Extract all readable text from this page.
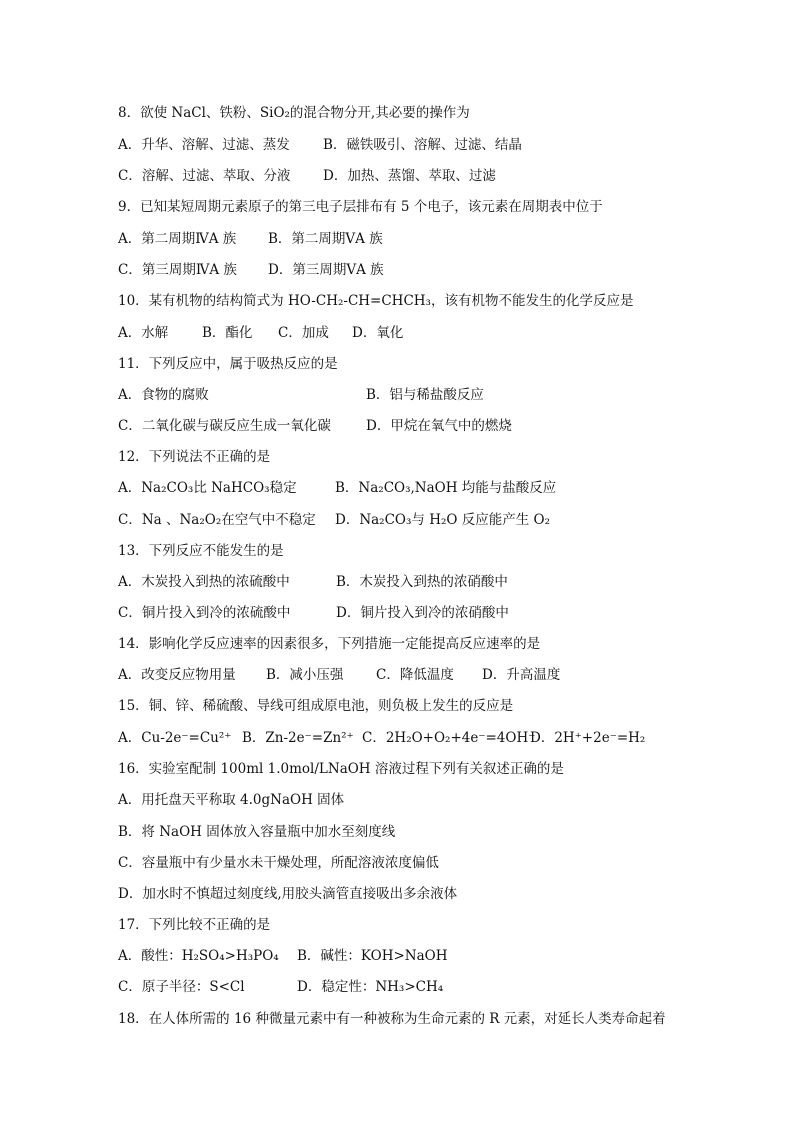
8．欲使 NaCl、铁粉、SiO₂的混合物分开,其必要的操作为
A．升华、溶解、过滤、蒸发 B．磁铁吸引、溶解、过滤、结晶
C．溶解、过滤、萃取、分液 D．加热、蒸馏、萃取、过滤
9．已知某短周期元素原子的第三电子层排布有 5 个电子，该元素在周期表中位于
A．第二周期ⅣA 族 B．第二周期ⅤA 族
C．第三周期ⅣA 族 D．第三周期ⅤA 族
10．某有机物的结构简式为 HO-CH₂-CH=CHCH₃，该有机物不能发生的化学反应是
A．水解	B．酯化 C．加成 D．氧化
11．下列反应中，属于吸热反应的是
A．食物的腐败	B．铝与稀盐酸反应
C．二氧化碳与碳反应生成一氧化碳	D．甲烷在氧气中的燃烧
12．下列说法不正确的是
A．Na₂CO₃比 NaHCO₃稳定	B．Na₂CO₃,NaOH 均能与盐酸反应
C．Na 、Na₂O₂在空气中不稳定 D．Na₂CO₃与 H₂O 反应能产生 O₂
13．下列反应不能发生的是
A．木炭投入到热的浓硫酸中	B．木炭投入到热的浓硝酸中
C．铜片投入到冷的浓硫酸中	D．铜片投入到冷的浓硝酸中
14．影响化学反应速率的因素很多，下列措施一定能提高反应速率的是
A．改变反应物用量 B．减小压强 C．降低温度 D．升高温度
15．铜、锌、稀硫酸、导线可组成原电池，则负极上发生的反应是
A．Cu-2e⁻=Cu²⁺ B．Zn-2e⁻=Zn²⁺ C．2H₂O+O₂+4e⁻=4OH⁻
D．2H⁺+2e⁻=H₂
16．实验室配制 100ml 1.0mol/LNaOH 溶液过程下列有关叙述正确的是
A．用托盘天平称取 4.0gNaOH 固体
B．将 NaOH 固体放入容量瓶中加水至刻度线
C．容量瓶中有少量水未干燥处理，所配溶液浓度偏低
D．加水时不慎超过刻度线,用胶头滴管直接吸出多余液体
17．下列比较不正确的是
A．酸性：H₂SO₄>H₃PO₄ B．碱性：KOH>NaOH
C．原子半径：S<Cl	D．稳定性：NH₃>CH₄
18．在人体所需的 16 种微量元素中有一种被称为生命元素的 R 元素，对延长人类寿命起着
